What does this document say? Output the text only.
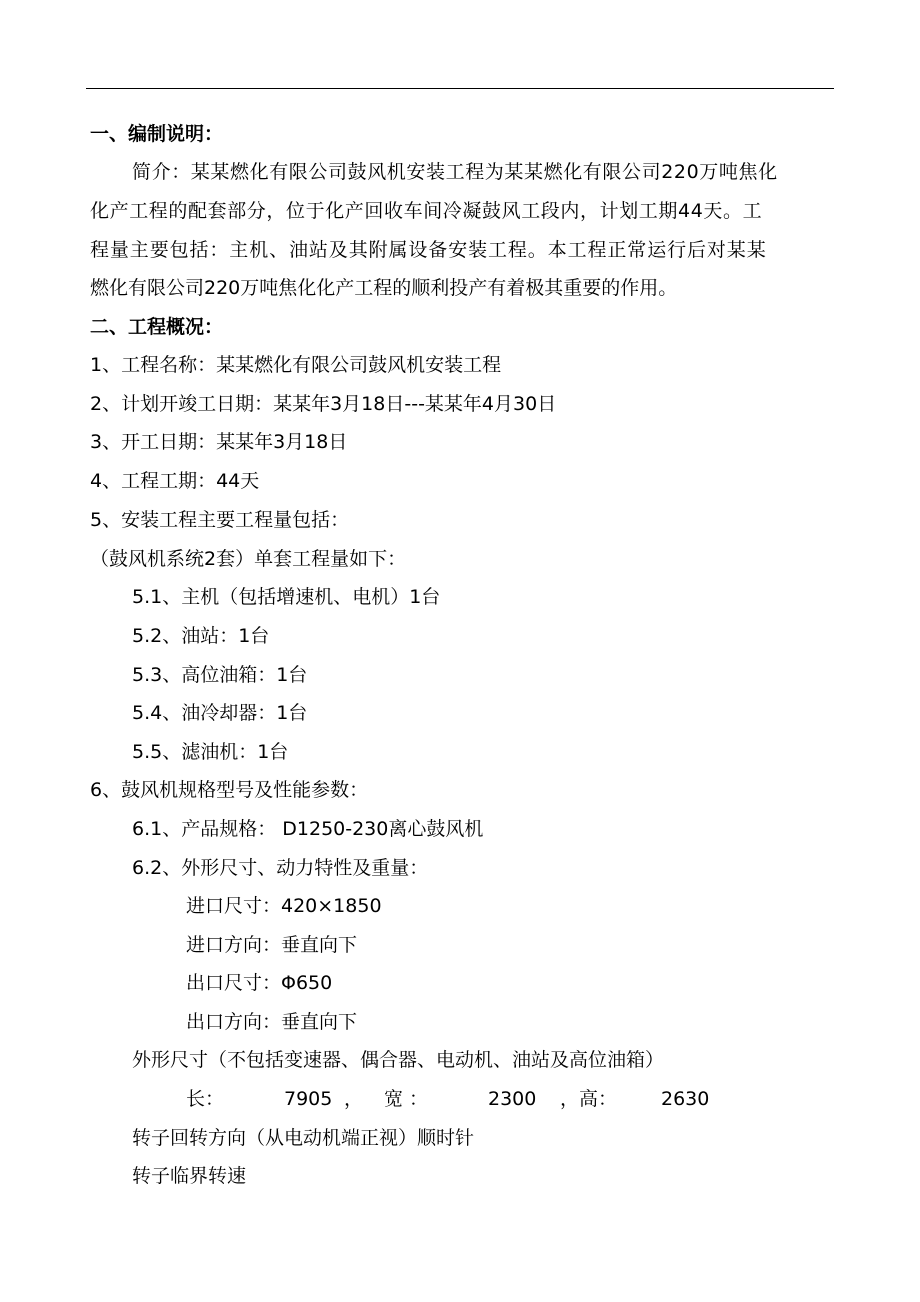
一、编制说明：
简介：某某燃化有限公司鼓风机安装工程为某某燃化有限公司220万吨焦化
化产工程的配套部分，位于化产回收车间冷凝鼓风工段内，计划工期44天。工
程量主要包括：主机、油站及其附属设备安装工程。本工程正常运行后对某某
燃化有限公司220万吨焦化化产工程的顺利投产有着极其重要的作用。
二、工程概况：
1、工程名称：某某燃化有限公司鼓风机安装工程
2、计划开竣工日期：某某年3月18日---某某年4月30日
3、开工日期：某某年3月18日
4、工程工期：44天
5、安装工程主要工程量包括：
（鼓风机系统2套）单套工程量如下：
5.1、主机（包括增速机、电机）1台
5.2、油站：1台
5.3、高位油箱：1台
5.4、油冷却器：1台
5.5、滤油机：1台
6、鼓风机规格型号及性能参数：
6.1、产品规格： D1250-230离心鼓风机
6.2、外形尺寸、动力特性及重量：
进口尺寸：420×1850
进口方向：垂直向下
出口尺寸：Φ650
出口方向：垂直向下
外形尺寸（不包括变速器、偶合器、电动机、油站及高位油箱）
长：	7905 ， 宽 ：	2300 ，高： 2630
转子回转方向（从电动机端正视）顺时针
转子临界转速
